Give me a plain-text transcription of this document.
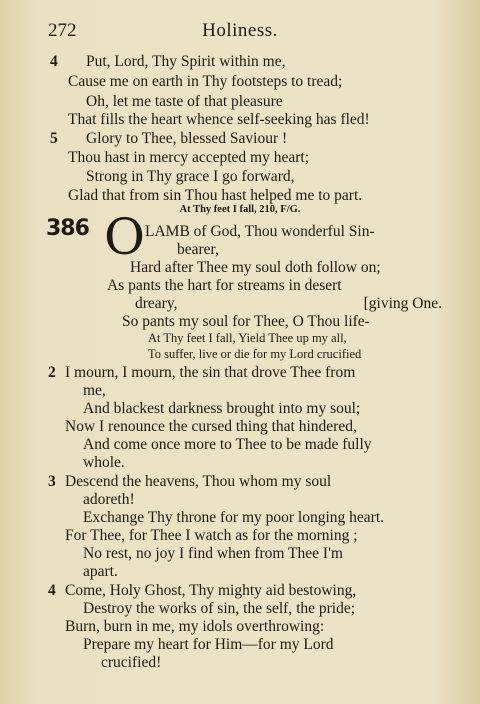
272	Holiness.
4 Put, Lord, Thy Spirit within me,
Cause me on earth in Thy footsteps to tread;
Oh, let me taste of that pleasure
That fills the heart whence self-seeking has fled!
5 Glory to Thee, blessed Saviour !
Thou hast in mercy accepted my heart;
Strong in Thy grace I go forward,
Glad that from sin Thou hast helped me to part.
At Thy feet I fall, 210, F/G.
386 O LAMB of God, Thou wonderful Sin-
bearer,
Hard after Thee my soul doth follow on;
As pants the hart for streams in desert
dreary,	[giving One.
So pants my soul for Thee, O Thou life-
At Thy feet I fall, Yield Thee up my all,
To suffer, live or die for my Lord crucified
2 I mourn, I mourn, the sin that drove Thee from
me,
And blackest darkness brought into my soul;
Now I renounce the cursed thing that hindered,
And come once more to Thee to be made fully
whole.
3 Descend the heavens, Thou whom my soul
adoreth!
Exchange Thy throne for my poor longing heart.
For Thee, for Thee I watch as for the morning ;
No rest, no joy I find when from Thee I'm
apart.
4 Come, Holy Ghost, Thy mighty aid bestowing,
Destroy the works of sin, the self, the pride;
Burn, burn in me, my idols overthrowing:
Prepare my heart for Him—for my Lord
crucified!
